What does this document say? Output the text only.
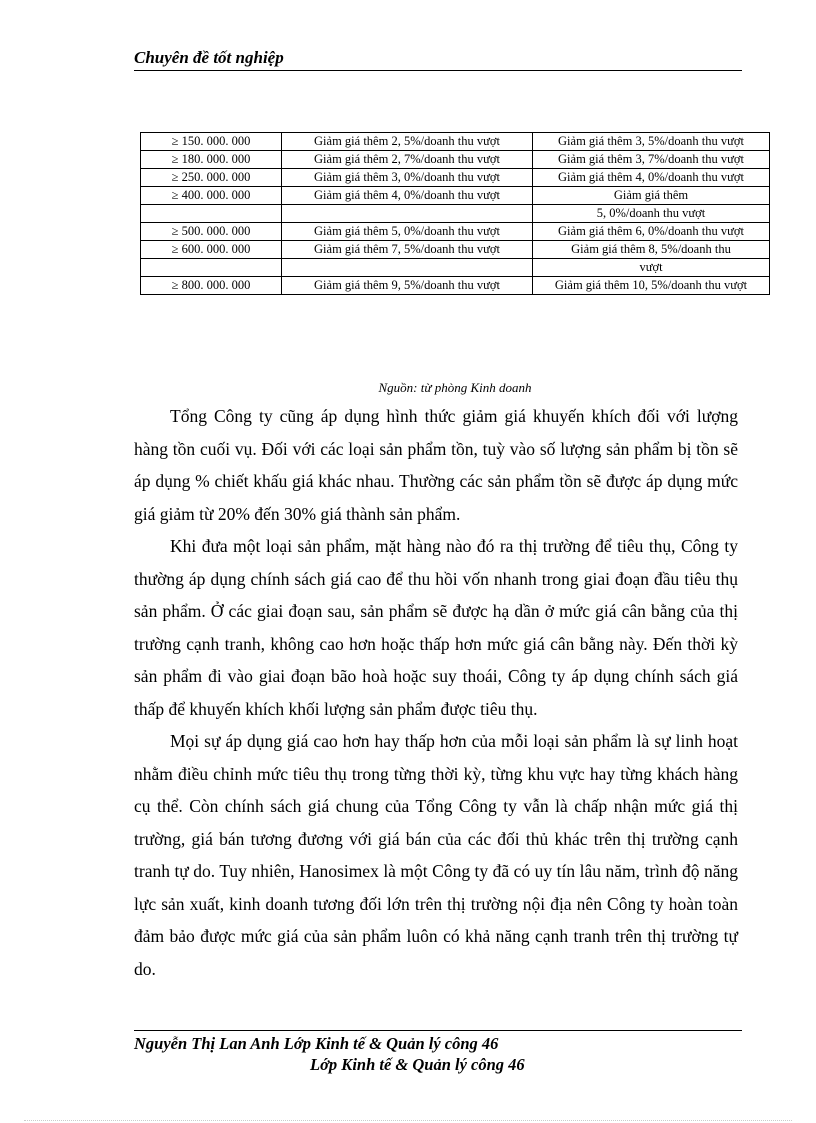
Chuyên đề tốt nghiệp
≥ 150. 000. 000	Giảm giá thêm 2, 5%/doanh thu vượt	Giảm giá thêm 3, 5%/doanh thu vượt
≥ 180. 000. 000	Giảm giá thêm 2, 7%/doanh thu vượt	Giảm giá thêm 3, 7%/doanh thu vượt
≥ 250. 000. 000	Giảm giá thêm 3, 0%/doanh thu vượt	Giảm giá thêm 4, 0%/doanh thu vượt
≥ 400. 000. 000	Giảm giá thêm 4, 0%/doanh thu vượt	Giảm giá thêm
		5, 0%/doanh thu vượt
≥ 500. 000. 000	Giảm giá thêm 5, 0%/doanh thu vượt	Giảm giá thêm 6, 0%/doanh thu vượt
≥ 600. 000. 000	Giảm giá thêm 7, 5%/doanh thu vượt	Giảm giá thêm 8, 5%/doanh thu
		vượt
≥ 800. 000. 000	Giảm giá thêm 9, 5%/doanh thu vượt	Giảm giá thêm 10, 5%/doanh thu vượt
Nguồn: từ phòng Kinh doanh

Tổng Công ty cũng áp dụng hình thức giảm giá khuyến khích đối với lượng hàng tồn cuối vụ. Đối với các loại sản phẩm tồn, tuỳ vào số lượng sản phẩm bị tồn sẽ áp dụng % chiết khấu giá khác nhau. Thường các sản phẩm tồn sẽ được áp dụng mức giá giảm từ 20% đến 30% giá thành sản phẩm.

Khi đưa một loại sản phẩm, mặt hàng nào đó ra thị trường để tiêu thụ, Công ty thường áp dụng chính sách giá cao để thu hồi vốn nhanh trong giai đoạn đầu tiêu thụ sản phẩm. Ở các giai đoạn sau, sản phẩm sẽ được hạ dần ở mức giá cân bằng của thị trường cạnh tranh, không cao hơn hoặc thấp hơn mức giá cân bằng này. Đến thời kỳ sản phẩm đi vào giai đoạn bão hoà hoặc suy thoái, Công ty áp dụng chính sách giá thấp để khuyến khích khối lượng sản phẩm được tiêu thụ.

Mọi sự áp dụng giá cao hơn hay thấp hơn của mỗi loại sản phẩm là sự linh hoạt nhằm điều chỉnh mức tiêu thụ trong từng thời kỳ, từng khu vực hay từng khách hàng cụ thể. Còn chính sách giá chung của Tổng Công ty vẫn là chấp nhận mức giá thị trường, giá bán tương đương với giá bán của các đối thủ khác trên thị trường cạnh tranh tự do. Tuy nhiên, Hanosimex là một Công ty đã có uy tín lâu năm, trình độ năng lực sản xuất, kinh doanh tương đối lớn trên thị trường nội địa nên Công ty hoàn toàn đảm bảo được mức giá của sản phẩm luôn có khả năng cạnh tranh trên thị trường tự do.

Nguyễn Thị Lan Anh Lớp Kinh tế & Quản lý công 46
Lớp Kinh tế & Quản lý công 46
